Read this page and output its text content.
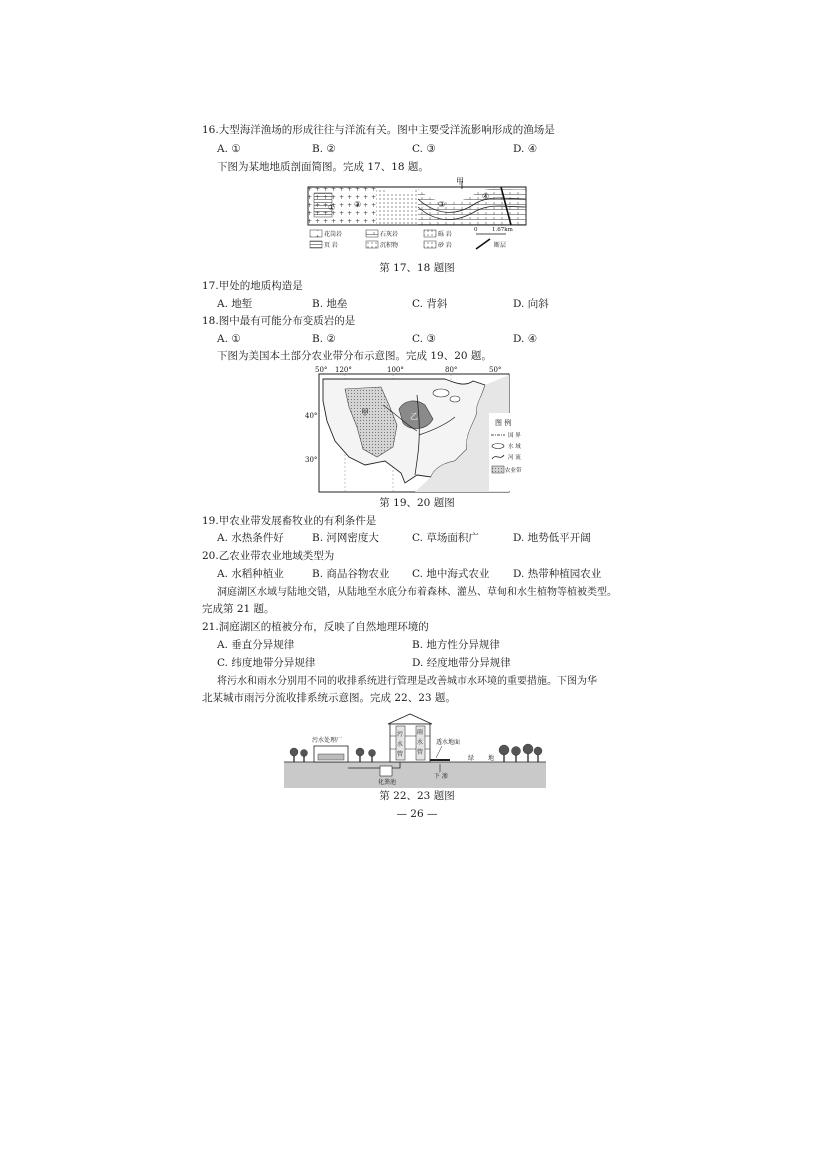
16.大型海洋渔场的形成往往与洋流有关。图中主要受洋流影响形成的渔场是
A. ①	B. ②	C. ③	D. ④
下图为某地地质剖面简图。完成 17、18 题。
甲
① ②	③
④
花岗岩	石灰岩	砾 岩
0	1.67km
页 岩	沉积物	砂 岩	断层
第 17、18 题图
17.甲处的地质构造是
A. 地堑	B. 地垒	C. 背斜	D. 向斜
18.图中最有可能分布变质岩的是
A. ①	B. ②	C. ③	D. ④
下图为美国本土部分农业带分布示意图。完成 19、20 题。
50° 120°	100°	80°	50°
40°
30°
甲	乙
图 例
国 界
水 域
河 流
农业带
第 19、20 题图
19.甲农业带发展畜牧业的有利条件是
A. 水热条件好	B. 河网密度大	C. 草场面积广	D. 地势低平开阔
20.乙农业带农业地域类型为
A. 水稻种植业	B. 商品谷物农业 C. 地中海式农业 D. 热带种植园农业
洞庭湖区水域与陆地交错，从陆地至水底分布着森林、灌丛、草甸和水生植物等植被类型。
完成第 21 题。
21.洞庭湖区的植被分布，反映了自然地理环境的
A. 垂直分异规律	B. 地方性分异规律
C. 纬度地带分异规律	D. 经度地带分异规律
将污水和雨水分别用不同的收排系统进行管理是改善城市水环境的重要措施。下图为华
北某城市雨污分流收排系统示意图。完成 22、23 题。
污
水
管
雨
水
管
污水处理厂
化粪池
透水地面
下 渗
绿 地
第 22、23 题图
— 26 —
